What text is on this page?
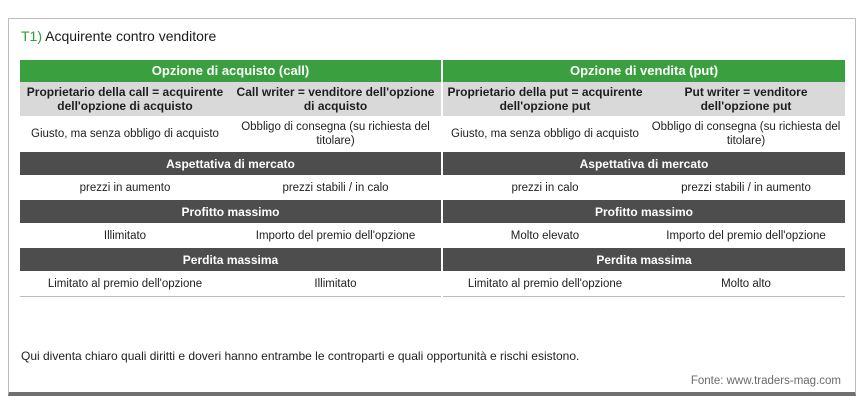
T1) Acquirente contro venditore
Opzione di acquisto (call)		Opzione di vendita (put)	
Proprietario della call = acquirente dell'opzione di acquisto	Call writer = venditore dell'opzione di acquisto	Proprietario della put = acquirente dell'opzione put	Put writer = venditore dell'opzione put
Giusto, ma senza obbligo di acquisto	Obbligo di consegna (su richiesta del titolare)	Giusto, ma senza obbligo di acquisto	Obbligo di consegna (su richiesta del titolare)
Aspettativa di mercato		Aspettativa di mercato	
prezzi in aumento	prezzi stabili / in calo	prezzi in calo	prezzi stabili / in aumento
Profitto massimo		Profitto massimo	
Illimitato	Importo del premio dell'opzione	Molto elevato	Importo del premio dell'opzione
Perdita massima		Perdita massima	
Limitato al premio dell'opzione	Illimitato	Limitato al premio dell'opzione	Molto alto
Qui diventa chiaro quali diritti e doveri hanno entrambe le controparti e quali opportunità e rischi esistono.
Fonte: www.traders-mag.com
